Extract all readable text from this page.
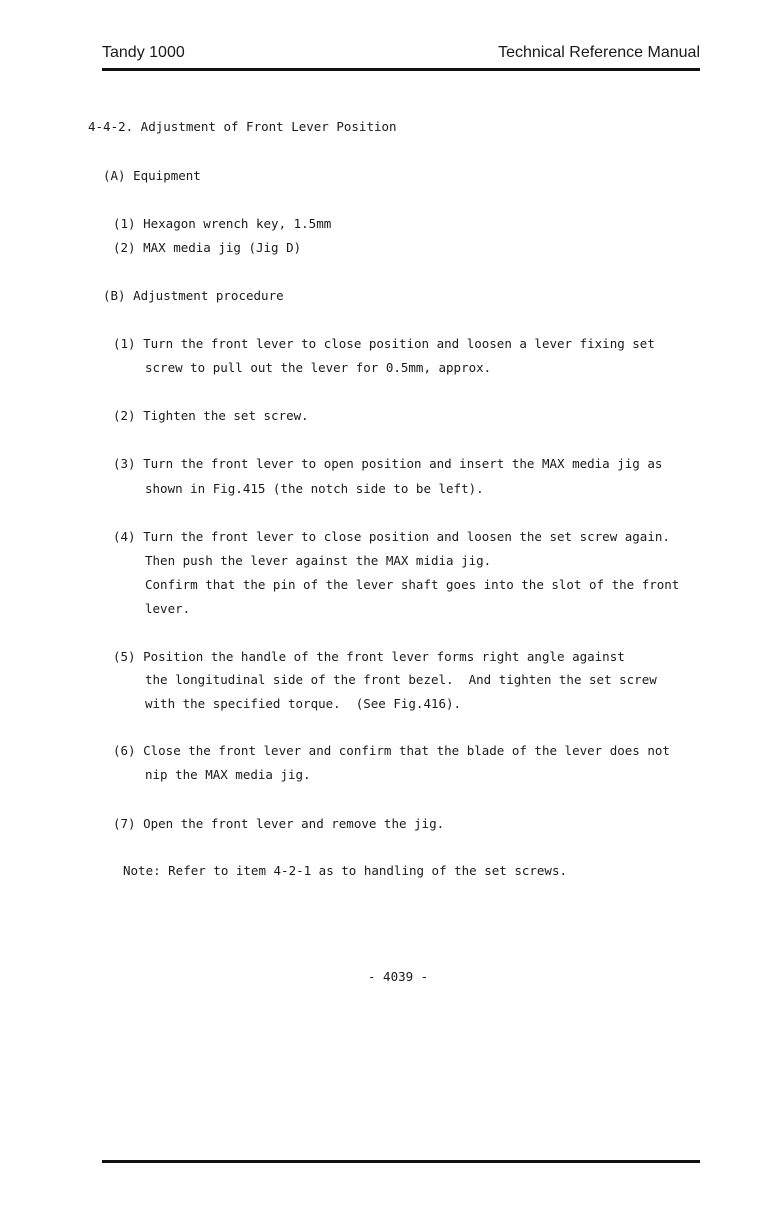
Tandy 1000	Technical Reference Manual
4-4-2. Adjustment of Front Lever Position
(A) Equipment
(1) Hexagon wrench key, 1.5mm
(2) MAX media jig (Jig D)
(B) Adjustment procedure
(1) Turn the front lever to close position and loosen a lever fixing set
screw to pull out the lever for 0.5mm, approx.
(2) Tighten the set screw.
(3) Turn the front lever to open position and insert the MAX media jig as
shown in Fig.415 (the notch side to be left).
(4) Turn the front lever to close position and loosen the set screw again.
Then push the lever against the MAX midia jig.
Confirm that the pin of the lever shaft goes into the slot of the front
lever.
(5) Position the handle of the front lever forms right angle against
the longitudinal side of the front bezel.  And tighten the set screw
with the specified torque.  (See Fig.416).
(6) Close the front lever and confirm that the blade of the lever does not
nip the MAX media jig.
(7) Open the front lever and remove the jig.
Note: Refer to item 4-2-1 as to handling of the set screws.
- 4039 -
